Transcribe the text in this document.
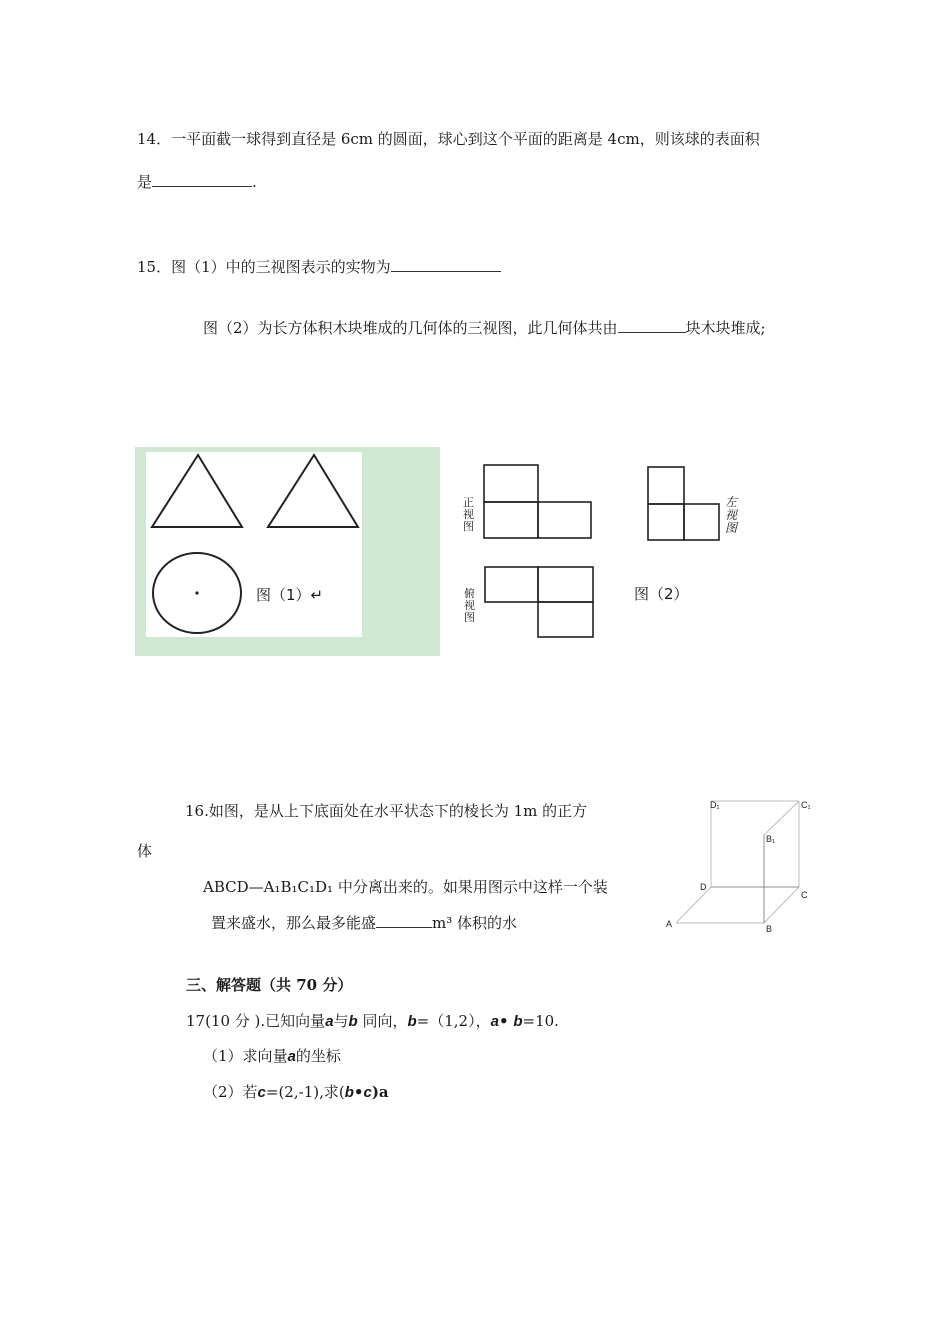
14．一平面截一球得到直径是 6cm 的圆面，球心到这个平面的距离是 4cm，则该球的表面积
是	.
15．图（1）中的三视图表示的实物为
图（2）为长方体积木块堆成的几何体的三视图，此几何体共由	块木块堆成;
图（1）↵
正视图
俯视图
左视图
图（2）
16.如图，是从上下底面处在水平状态下的棱长为 1m 的正方
体
ABCD—A₁B₁C₁D₁ 中分离出来的。如果用图示中这样一个装
置来盛水，那么最多能盛	m³ 体积的水
D₁	C₁
B₁
D
C
A	B
三、解答题（共 70 分）
17(10 分 ).已知向量a与b 同向，b=（1,2），a• b=10.
（1）求向量a的坐标
（2）若c=(2,-1),求(b•c)a
